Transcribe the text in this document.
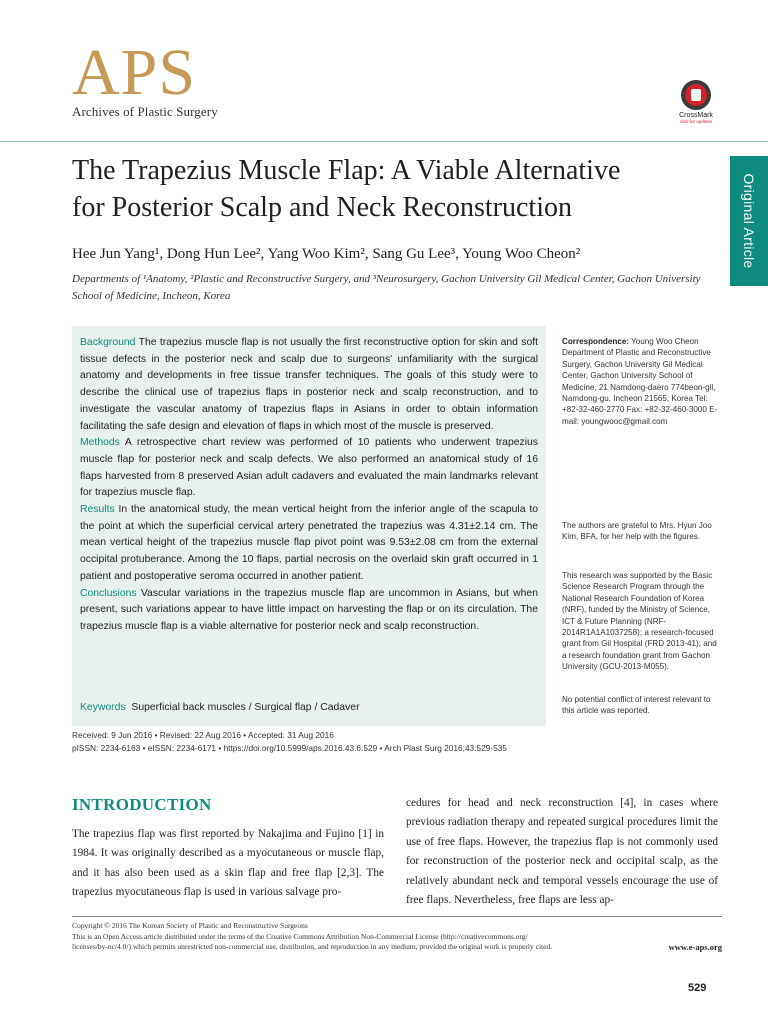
APS
Archives of Plastic Surgery	CrossMark
click for updates
Original Article
The Trapezius Muscle Flap: A Viable Alternative
for Posterior Scalp and Neck Reconstruction
Hee Jun Yang¹, Dong Hun Lee², Yang Woo Kim², Sang Gu Lee³, Young Woo Cheon²
Departments of ¹Anatomy, ²Plastic and Reconstructive Surgery, and ³Neurosurgery, Gachon University Gil Medical Center, Gachon University School of Medicine, Incheon, Korea

Background The trapezius muscle flap is not usually the first reconstructive option for skin and soft tissue defects in the posterior neck and scalp due to surgeons' unfamiliarity with the surgical anatomy and developments in free tissue transfer techniques. The goals of this study were to describe the clinical use of trapezius flaps in posterior neck and scalp reconstruction, and to investigate the vascular anatomy of trapezius flaps in Asians in order to obtain information facilitating the safe design and elevation of flaps in which most of the muscle is preserved.

Methods A retrospective chart review was performed of 10 patients who underwent trapezius muscle flap for posterior neck and scalp defects. We also performed an anatomical study of 16 flaps harvested from 8 preserved Asian adult cadavers and evaluated the main landmarks relevant for trapezius muscle flap.

Results In the anatomical study, the mean vertical height from the inferior angle of the scapula to the point at which the superficial cervical artery penetrated the trapezius was 4.31±2.14 cm. The mean vertical height of the trapezius muscle flap pivot point was 9.53±2.08 cm from the external occipital protuberance. Among the 10 flaps, partial necrosis on the overlaid skin graft occurred in 1 patient and postoperative seroma occurred in another patient.

Conclusions Vascular variations in the trapezius muscle flap are uncommon in Asians, but when present, such variations appear to have little impact on harvesting the flap or on its circulation. The trapezius muscle flap is a viable alternative for posterior neck and scalp reconstruction.

Keywords Superficial back muscles / Surgical flap / Cadaver
Correspondence: Young Woo Cheon Department of Plastic and Reconstructive Surgery, Gachon University Gil Medical Center, Gachon University School of Medicine, 21 Namdong-daero 774beon-gil, Namdong-gu, Incheon 21565, Korea Tel: +82-32-460-2770 Fax: +82-32-460-3000 E-mail: youngwooc@gmail.com
The authors are grateful to Mrs. Hyun Joo Kim, BFA, for her help with the figures.
This research was supported by the Basic Science Research Program through the National Research Foundation of Korea (NRF), funded by the Ministry of Science, ICT & Future Planning (NRF-2014R1A1A1037258); a research-focused grant from Gil Hospital (FRD 2013-41); and a research foundation grant from Gachon University (GCU-2013-M055).
No potential conflict of interest relevant to this article was reported.
Received: 9 Jun 2016 • Revised: 22 Aug 2016 • Accepted: 31 Aug 2016
pISSN: 2234-6163 • eISSN: 2234-6171 • https://doi.org/10.5999/aps.2016.43.6.529 • Arch Plast Surg 2016;43:529-535
INTRODUCTION
The trapezius flap was first reported by Nakajima and Fujino [1] in 1984. It was originally described as a myocutaneous or muscle flap, and it has also been used as a skin flap and free flap [2,3]. The trapezius myocutaneous flap is used in various salvage pro-
cedures for head and neck reconstruction [4], in cases where previous radiation therapy and repeated surgical procedures limit the use of free flaps. However, the trapezius flap is not commonly used for reconstruction of the posterior neck and occipital scalp, as the relatively abundant neck and temporal vessels encourage the use of free flaps. Nevertheless, free flaps are less ap-
Copyright © 2016 The Korean Society of Plastic and Reconstructive Surgeons
This is an Open Access article distributed under the terms of the Creative Commons Attribution Non-Commercial License (http://creativecommons.org/
licenses/by-nc/4.0/) which permits unrestricted non-commercial use, distribution, and reproduction in any medium, provided the original work is properly cited.	www.e-aps.org
529
